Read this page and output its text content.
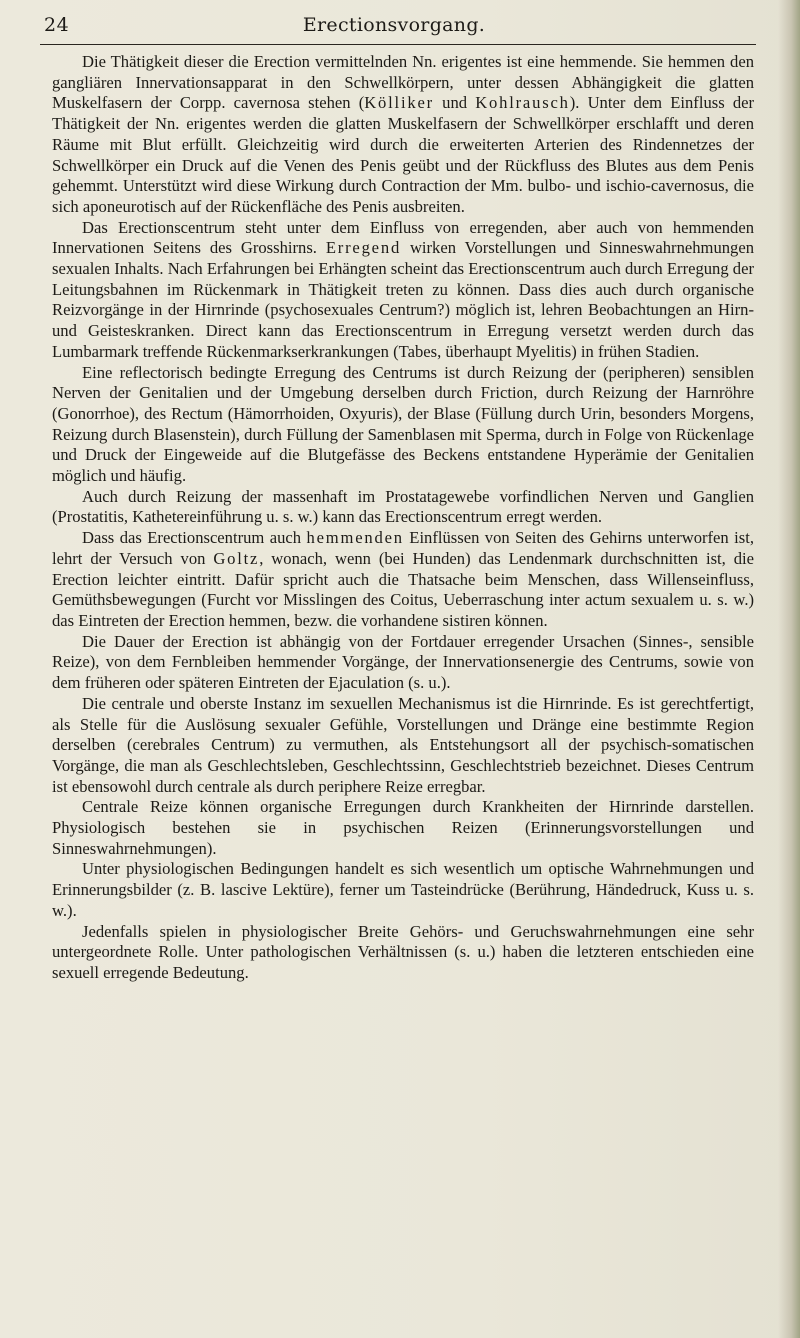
24	Erectionsvorgang.

Die Thätigkeit dieser die Erection vermittelnden Nn. erigentes ist eine hemmende. Sie hemmen den gangliären Innervationsapparat in den Schwellkörpern, unter dessen Abhängigkeit die glatten Muskelfasern der Corpp. cavernosa stehen (Kölliker und Kohlrausch). Unter dem Einfluss der Thätigkeit der Nn. erigentes werden die glatten Muskelfasern der Schwellkörper erschlafft und deren Räume mit Blut erfüllt. Gleichzeitig wird durch die erweiterten Arterien des Rindennetzes der Schwellkörper ein Druck auf die Venen des Penis geübt und der Rückfluss des Blutes aus dem Penis gehemmt. Unterstützt wird diese Wirkung durch Contraction der Mm. bulbo- und ischio-cavernosus, die sich aponeurotisch auf der Rückenfläche des Penis ausbreiten.

Das Erectionscentrum steht unter dem Einfluss von erregenden, aber auch von hemmenden Innervationen Seitens des Grosshirns. Erregend wirken Vorstellungen und Sinneswahrnehmungen sexualen Inhalts. Nach Erfahrungen bei Erhängten scheint das Erectionscentrum auch durch Erregung der Leitungsbahnen im Rückenmark in Thätigkeit treten zu können. Dass dies auch durch organische Reizvorgänge in der Hirnrinde (psychosexuales Centrum?) möglich ist, lehren Beobachtungen an Hirn- und Geisteskranken. Direct kann das Erectionscentrum in Erregung versetzt werden durch das Lumbarmark treffende Rückenmarkserkrankungen (Tabes, überhaupt Myelitis) in frühen Stadien.

Eine reflectorisch bedingte Erregung des Centrums ist durch Reizung der (peripheren) sensiblen Nerven der Genitalien und der Umgebung derselben durch Friction, durch Reizung der Harnröhre (Gonorrhoe), des Rectum (Hämorrhoiden, Oxyuris), der Blase (Füllung durch Urin, besonders Morgens, Reizung durch Blasenstein), durch Füllung der Samenblasen mit Sperma, durch in Folge von Rückenlage und Druck der Eingeweide auf die Blutgefässe des Beckens entstandene Hyperämie der Genitalien möglich und häufig.

Auch durch Reizung der massenhaft im Prostatagewebe vorfindlichen Nerven und Ganglien (Prostatitis, Kathetereinführung u. s. w.) kann das Erectionscentrum erregt werden.

Dass das Erectionscentrum auch hemmenden Einflüssen von Seiten des Gehirns unterworfen ist, lehrt der Versuch von Goltz, wonach, wenn (bei Hunden) das Lendenmark durchschnitten ist, die Erection leichter eintritt. Dafür spricht auch die Thatsache beim Menschen, dass Willenseinfluss, Gemüthsbewegungen (Furcht vor Misslingen des Coitus, Ueberraschung inter actum sexualem u. s. w.) das Eintreten der Erection hemmen, bezw. die vorhandene sistiren können.

Die Dauer der Erection ist abhängig von der Fortdauer erregender Ursachen (Sinnes-, sensible Reize), von dem Fernbleiben hemmender Vorgänge, der Innervationsenergie des Centrums, sowie von dem früheren oder späteren Eintreten der Ejaculation (s. u.).

Die centrale und oberste Instanz im sexuellen Mechanismus ist die Hirnrinde. Es ist gerechtfertigt, als Stelle für die Auslösung sexualer Gefühle, Vorstellungen und Dränge eine bestimmte Region derselben (cerebrales Centrum) zu vermuthen, als Entstehungsort all der psychisch-somatischen Vorgänge, die man als Geschlechtsleben, Geschlechtssinn, Geschlechtstrieb bezeichnet. Dieses Centrum ist ebensowohl durch centrale als durch periphere Reize erregbar.

Centrale Reize können organische Erregungen durch Krankheiten der Hirnrinde darstellen. Physiologisch bestehen sie in psychischen Reizen (Erinnerungsvorstellungen und Sinneswahrnehmungen).

Unter physiologischen Bedingungen handelt es sich wesentlich um optische Wahrnehmungen und Erinnerungsbilder (z. B. lascive Lektüre), ferner um Tasteindrücke (Berührung, Händedruck, Kuss u. s. w.).

Jedenfalls spielen in physiologischer Breite Gehörs- und Geruchswahrnehmungen eine sehr untergeordnete Rolle. Unter pathologischen Verhältnissen (s. u.) haben die letzteren entschieden eine sexuell erregende Bedeutung.
